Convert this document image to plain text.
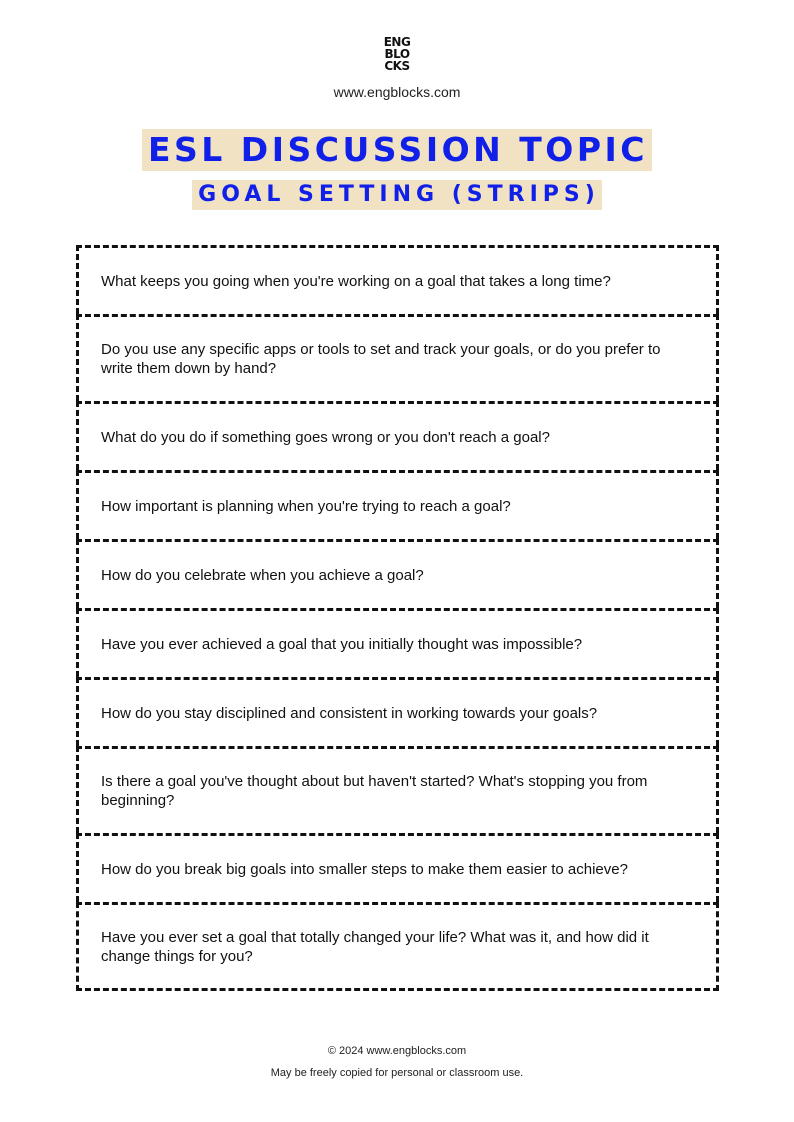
ENG
BLO
CKS
www.engblocks.com
ESL DISCUSSION TOPIC
GOAL SETTING (STRIPS)
What keeps you going when you're working on a goal that takes a long time?
Do you use any specific apps or tools to set and track your goals, or do you prefer to write them down by hand?
What do you do if something goes wrong or you don't reach a goal?
How important is planning when you're trying to reach a goal?
How do you celebrate when you achieve a goal?
Have you ever achieved a goal that you initially thought was impossible?
How do you stay disciplined and consistent in working towards your goals?
Is there a goal you've thought about but haven't started? What's stopping you from beginning?
How do you break big goals into smaller steps to make them easier to achieve?
Have you ever set a goal that totally changed your life? What was it, and how did it change things for you?
© 2024 www.engblocks.com
May be freely copied for personal or classroom use.
